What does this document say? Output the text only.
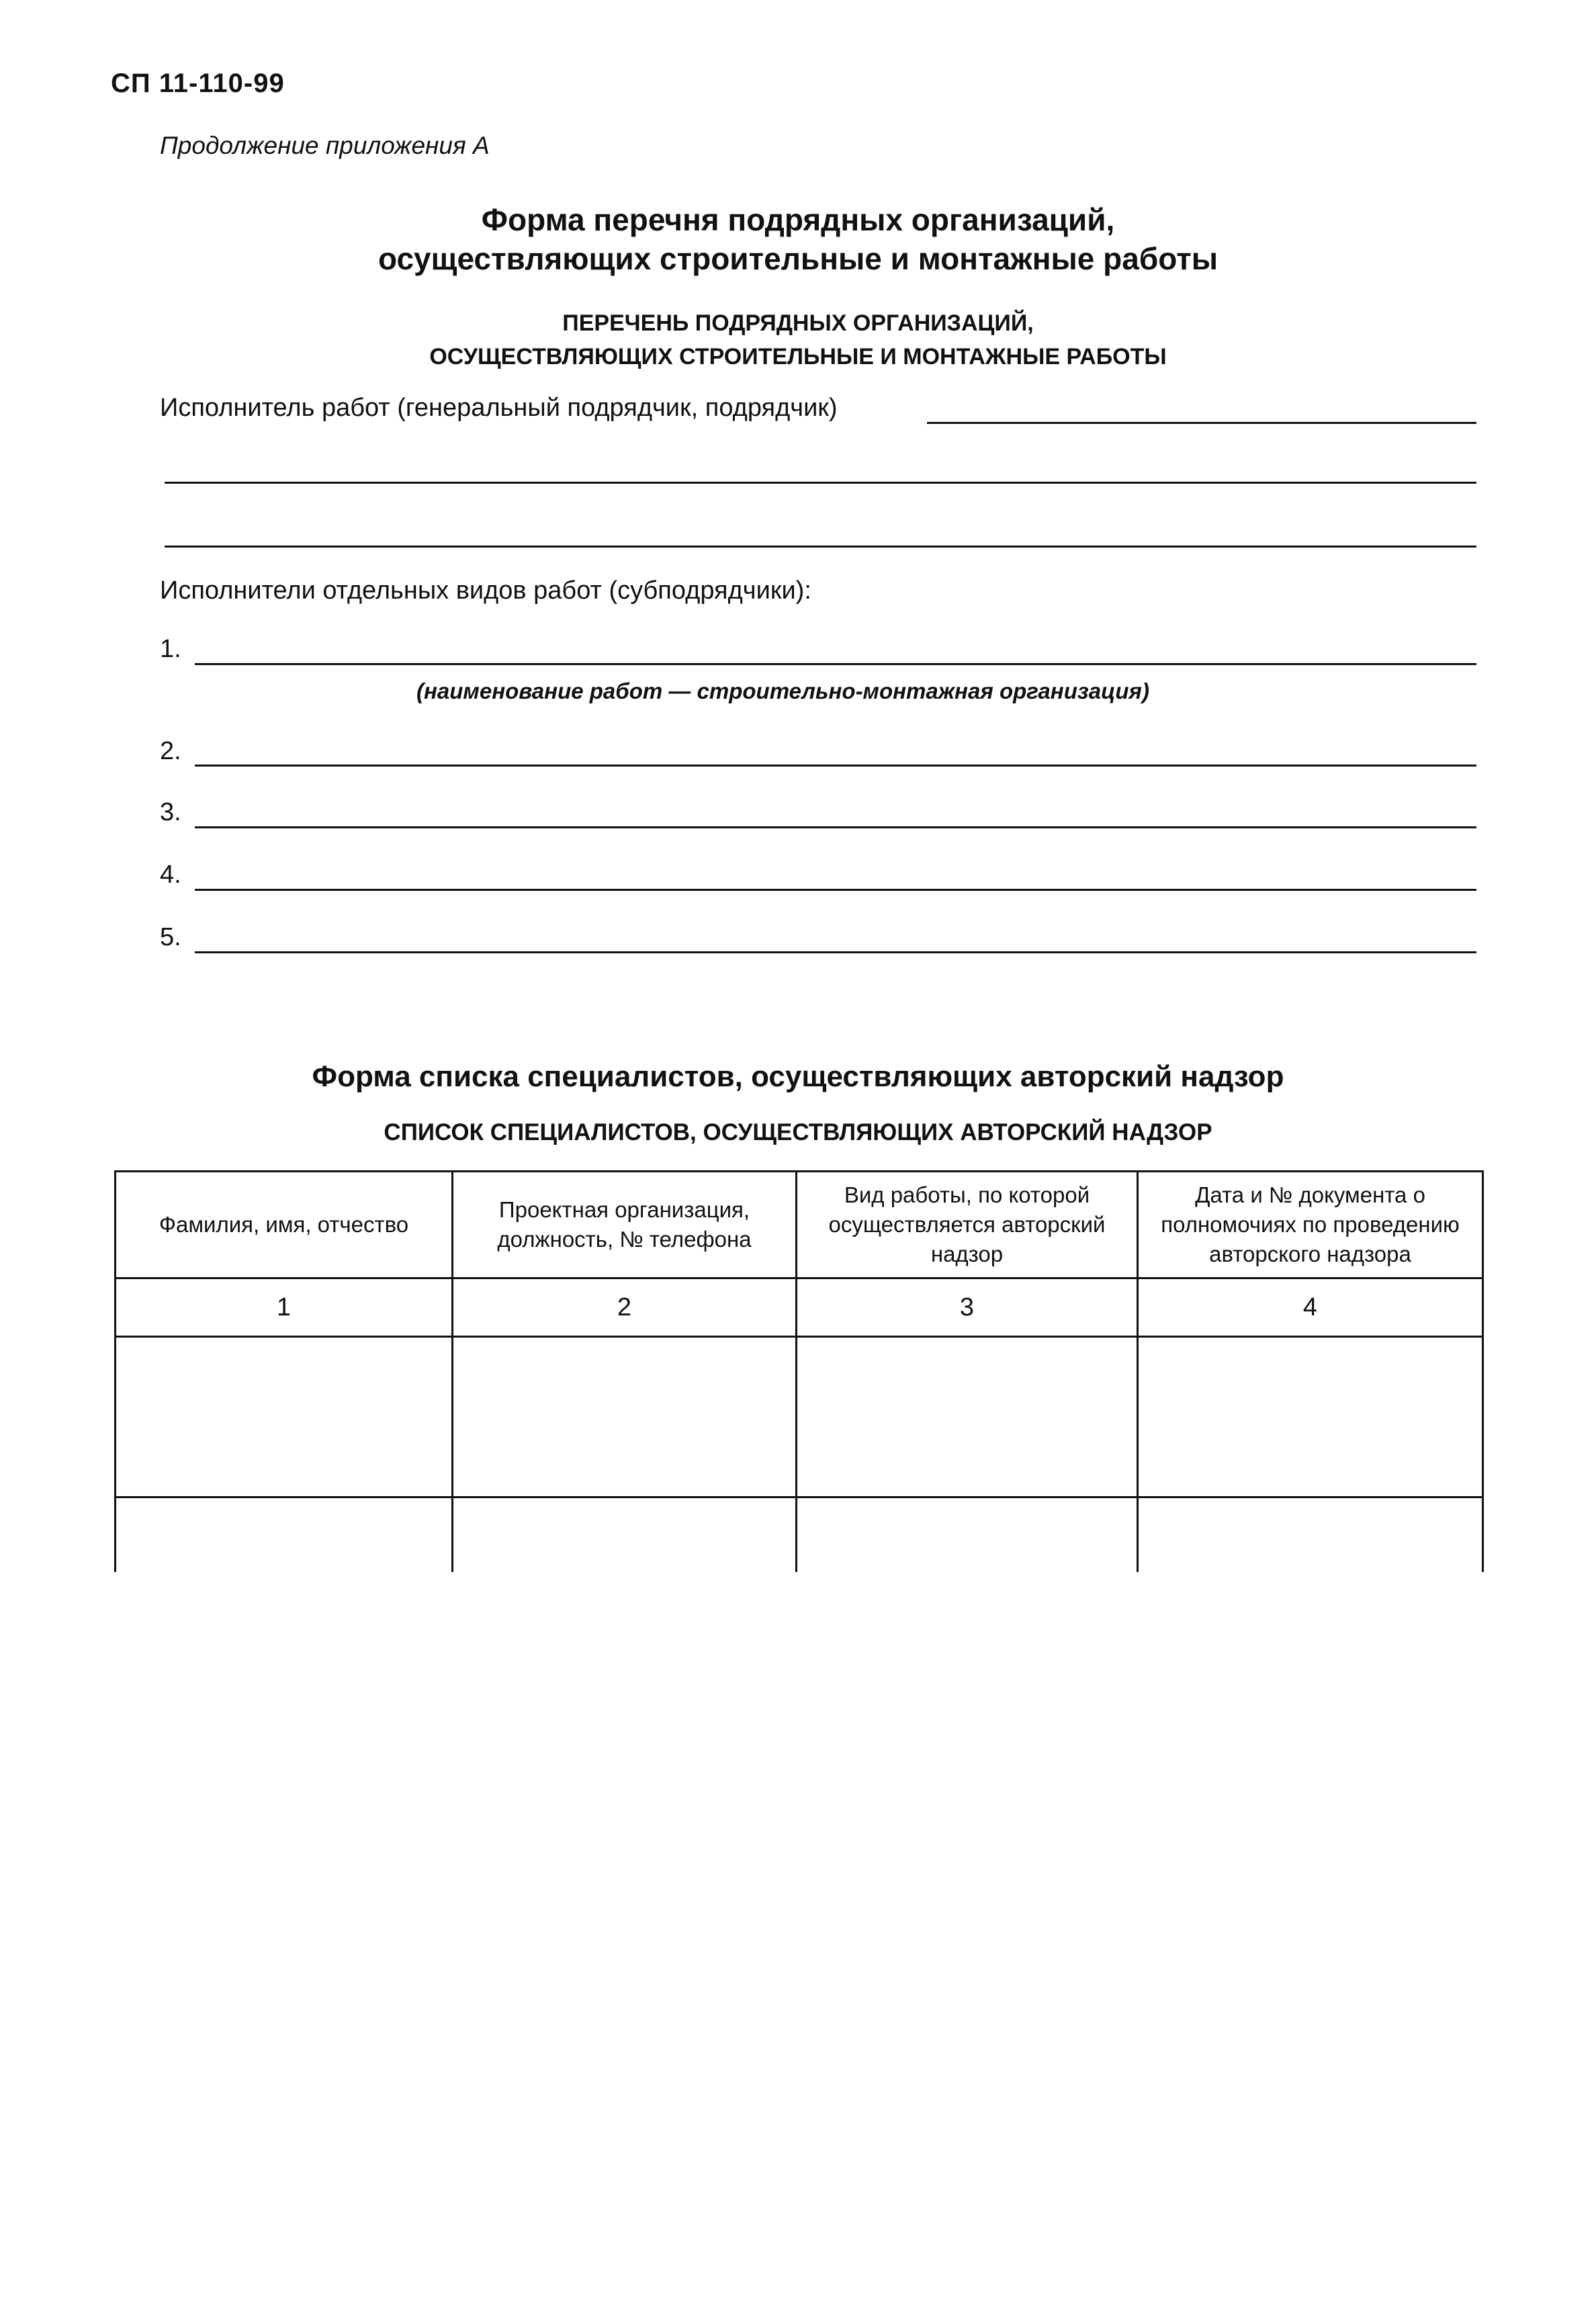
СП 11-110-99
Продолжение приложения А
Форма перечня подрядных организаций,
осуществляющих строительные и монтажные работы
ПЕРЕЧЕНЬ ПОДРЯДНЫХ ОРГАНИЗАЦИЙ,
ОСУЩЕСТВЛЯЮЩИХ СТРОИТЕЛЬНЫЕ И МОНТАЖНЫЕ РАБОТЫ
Исполнитель работ (генеральный подрядчик, подрядчик)
Исполнители отдельных видов работ (субподрядчики):
1.
(наименование работ — строительно-монтажная организация)
2.
3.
4.
5.
Форма списка специалистов, осуществляющих авторский надзор
СПИСОК СПЕЦИАЛИСТОВ, ОСУЩЕСТВЛЯЮЩИХ АВТОРСКИЙ НАДЗОР
Фамилия, имя, отчество	Проектная организация, должность, № телефона	Вид работы, по которой осуществляется авторский надзор	Дата и № документа о полномочиях по проведению авторского надзора
1	2	3	4
